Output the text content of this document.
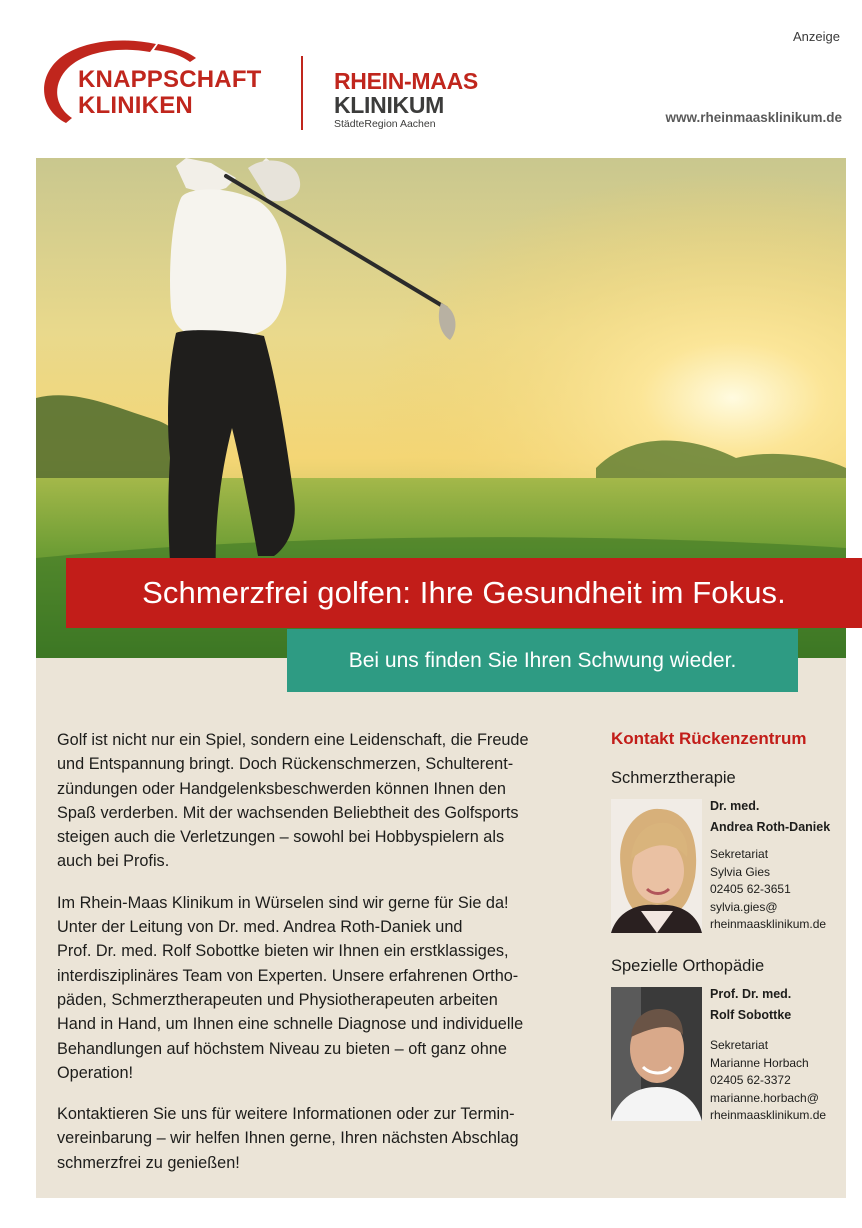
Anzeige
KNAPPSCHAFT
KLINIKEN
RHEIN-MAAS
KLINIKUM
StädteRegion Aachen	www.rheinmaasklinikum.de
Schmerzfrei golfen: Ihre Gesundheit im Fokus.
Bei uns finden Sie Ihren Schwung wieder.

Golf ist nicht nur ein Spiel, sondern eine Leidenschaft, die Freude
und Entspannung bringt. Doch Rückenschmerzen, Schulterent-
zündungen oder Handgelenksbeschwerden können Ihnen den
Spaß verderben. Mit der wachsenden Beliebtheit des Golfsports
steigen auch die Verletzungen – sowohl bei Hobbyspielern als
auch bei Profis.

Im Rhein-Maas Klinikum in Würselen sind wir gerne für Sie da!
Unter der Leitung von Dr. med. Andrea Roth-Daniek und
Prof. Dr. med. Rolf Sobottke bieten wir Ihnen ein erstklassiges,
interdisziplinäres Team von Experten. Unsere erfahrenen Ortho-
päden, Schmerztherapeuten und Physiotherapeuten arbeiten
Hand in Hand, um Ihnen eine schnelle Diagnose und individuelle
Behandlungen auf höchstem Niveau zu bieten – oft ganz ohne
Operation!

Kontaktieren Sie uns für weitere Informationen oder zur Termin-
vereinbarung – wir helfen Ihnen gerne, Ihren nächsten Abschlag
schmerzfrei zu genießen!

Kontakt Rückenzentrum
Schmerztherapie
Dr. med.
Andrea Roth-Daniek
Sekretariat
Sylvia Gies
02405 62-3651
sylvia.gies@
rheinmaasklinikum.de
Spezielle Orthopädie
Prof. Dr. med.
Rolf Sobottke
Sekretariat
Marianne Horbach
02405 62-3372
marianne.horbach@
rheinmaasklinikum.de
